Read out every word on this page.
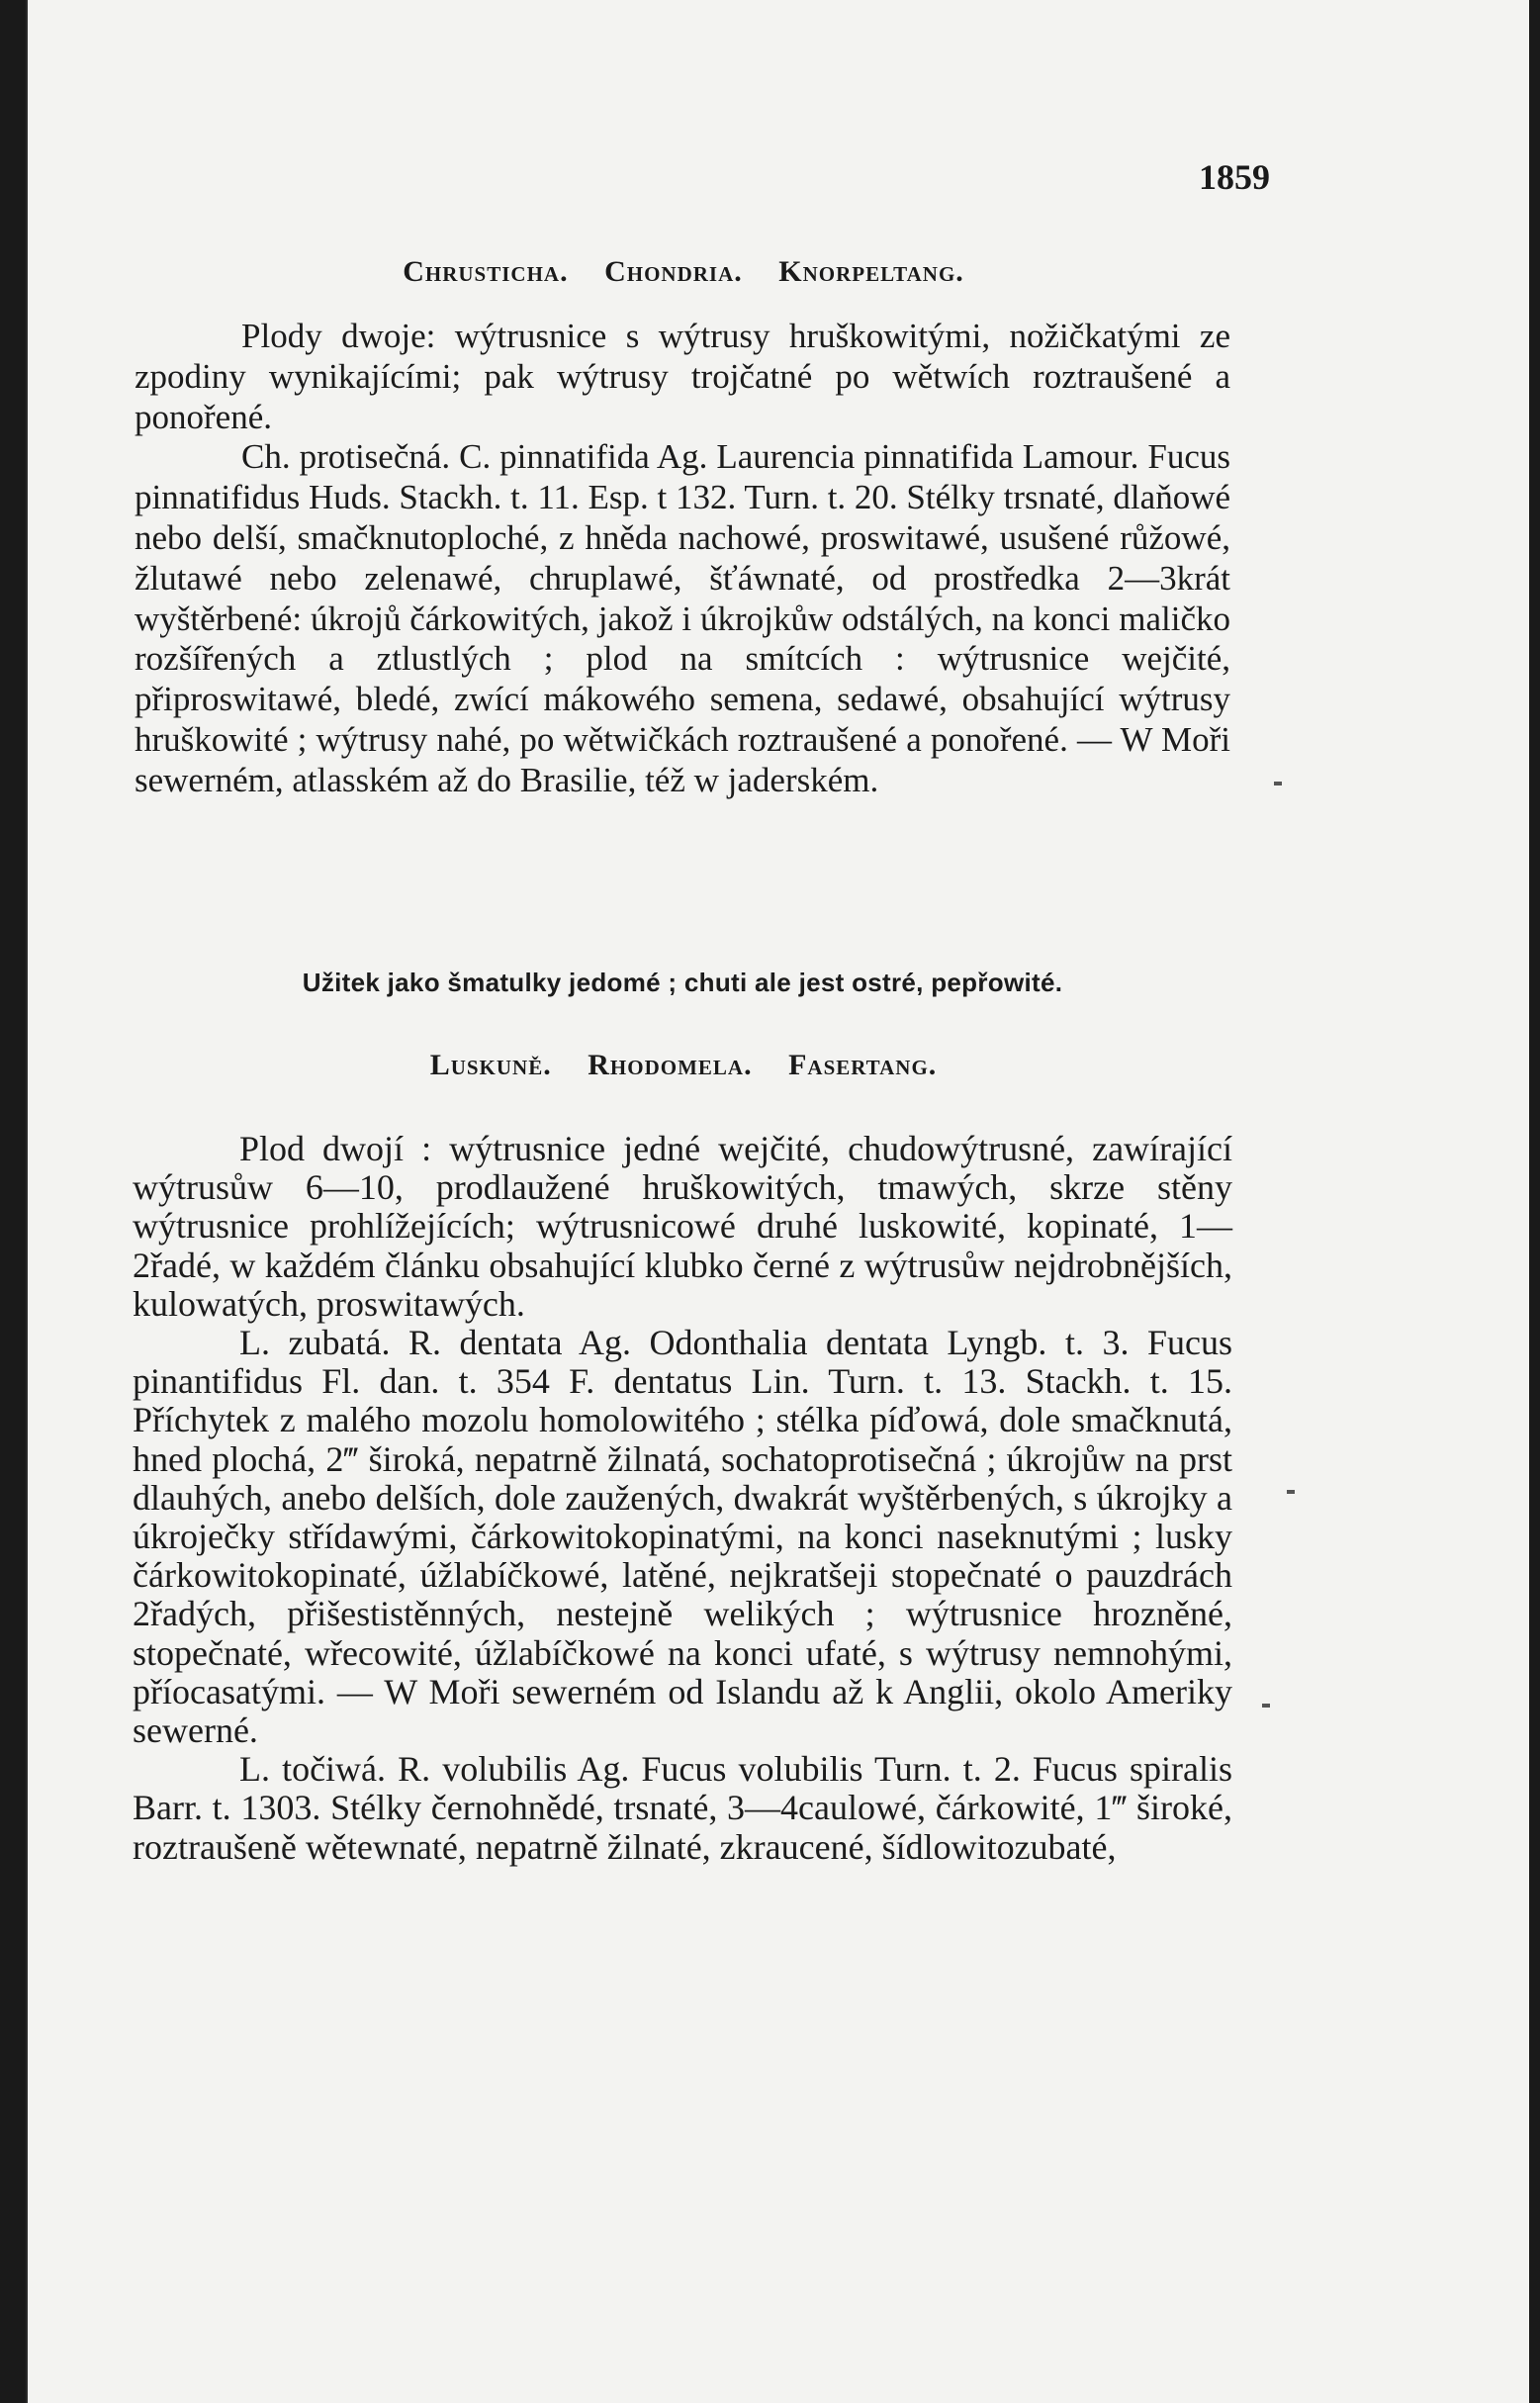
1859
Chrusticha. Chondria. Knorpeltang.

Plody dwoje: wýtrusnice s wýtrusy hruškowitými, nožičkatými ze zpodiny wynikajícími; pak wýtrusy trojčatné po wětwích roztraušené a ponořené.

Ch. protisečná. C. pinnatifida Ag. Laurencia pinnatifida Lamour. Fucus pinnatifidus Huds. Stackh. t. 11. Esp. t 132. Turn. t. 20. Stélky trsnaté, dlaňowé nebo delší, smačknutoploché, z hněda nachowé, proswitawé, usušené růžowé, žlutawé nebo zelenawé, chruplawé, šťáwnaté, od prostředka 2—3krát wyštěrbené: úkrojů čárkowitých, jakož i úkrojkůw odstálých, na konci maličko rozšířených a ztlustlých ; plod na smítcích : wýtrusnice wejčité, připroswitawé, bledé, zwící mákowého semena, sedawé, obsahující wýtrusy hruškowité ; wýtrusy nahé, po wětwičkách roztraušené a ponořené. — W Moři sewerném, atlasském až do Brasilie, též w jaderském.

Užitek jako šmatulky jedomé ; chuti ale jest ostré, pepřowité.
Luskuně. Rhodomela. Fasertang.

Plod dwojí : wýtrusnice jedné wejčité, chudowýtrusné, zawírající wýtrusůw 6—10, prodlaužené hruškowitých, tmawých, skrze stěny wýtrusnice prohlížejících; wýtrusnicowé druhé luskowité, kopinaté, 1—2řadé, w každém článku obsahující klubko černé z wýtrusůw nejdrobnějších, kulowatých, proswitawých.

L. zubatá. R. dentata Ag. Odonthalia dentata Lyngb. t. 3. Fucus pinantifidus Fl. dan. t. 354 F. dentatus Lin. Turn. t. 13. Stackh. t. 15. Příchytek z malého mozolu homolowitého ; stélka píďowá, dole smačknutá, hned plochá, 2‴ široká, nepatrně žilnatá, sochatoprotisečná ; úkrojůw na prst dlauhých, anebo delších, dole zaužených, dwakrát wyštěrbených, s úkrojky a úkroječky střídawými, čárkowitokopinatými, na konci naseknutými ; lusky čárkowitokopinaté, úžlabíčkowé, latěné, nejkratšeji stopečnaté o pauzdrách 2řadých, přišestistěnných, nestejně welikých ; wýtrusnice hrozněné, stopečnaté, wřecowité, úžlabíčkowé na konci ufaté, s wýtrusy nemnohými, příocasatými. — W Moři sewerném od Islandu až k Anglii, okolo Ameriky sewerné.

L. točiwá. R. volubilis Ag. Fucus volubilis Turn. t. 2. Fucus spiralis Barr. t. 1303. Stélky černohnědé, trsnaté, 3—4caulowé, čárkowité, 1‴ široké, roztraušeně wětewnaté, nepatrně žilnaté, zkraucené, šídlowitozubaté,
